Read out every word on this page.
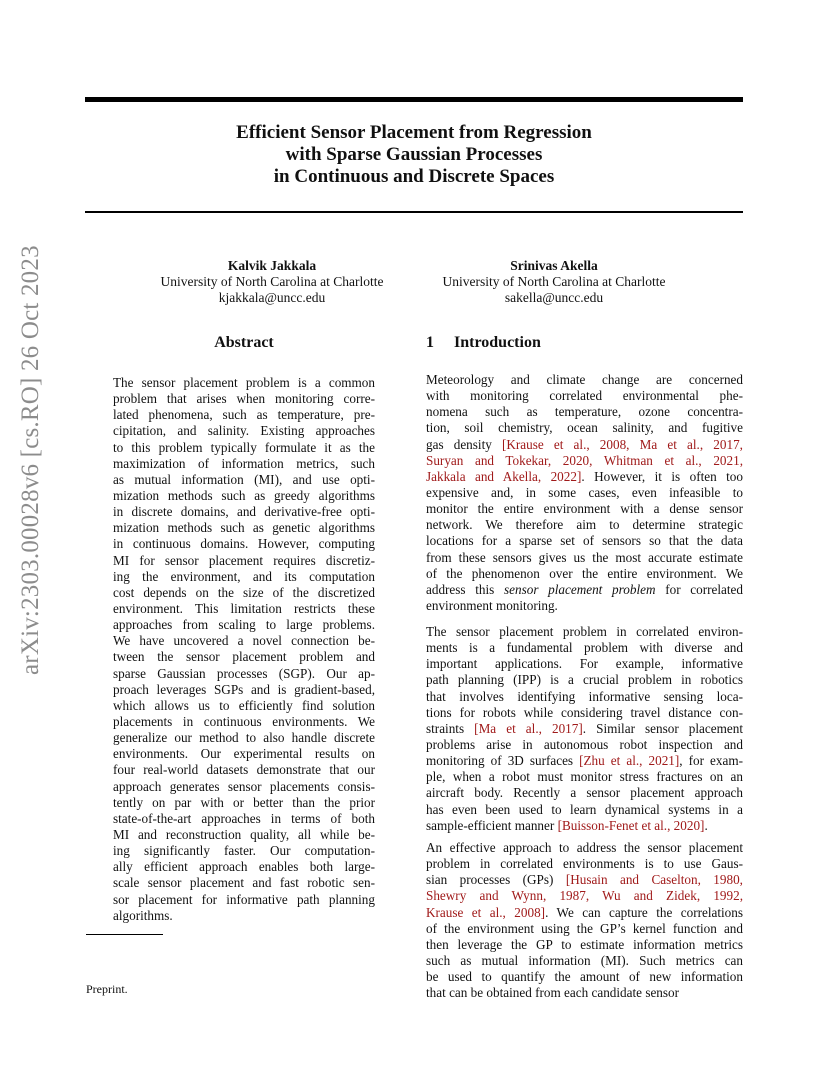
arXiv:2303.00028v6 [cs.RO] 26 Oct 2023
Efficient Sensor Placement from Regression
with Sparse Gaussian Processes
in Continuous and Discrete Spaces
Kalvik Jakkala
University of North Carolina at Charlotte
kjakkala@uncc.edu
Srinivas Akella
University of North Carolina at Charlotte
sakella@uncc.edu
Abstract
The sensor placement problem is a common
problem that arises when monitoring corre-
lated phenomena, such as temperature, pre-
cipitation, and salinity. Existing approaches
to this problem typically formulate it as the
maximization of information metrics, such
as mutual information (MI), and use opti-
mization methods such as greedy algorithms
in discrete domains, and derivative-free opti-
mization methods such as genetic algorithms
in continuous domains. However, computing
MI for sensor placement requires discretiz-
ing the environment, and its computation
cost depends on the size of the discretized
environment. This limitation restricts these
approaches from scaling to large problems.
We have uncovered a novel connection be-
tween the sensor placement problem and
sparse Gaussian processes (SGP). Our ap-
proach leverages SGPs and is gradient-based,
which allows us to efficiently find solution
placements in continuous environments. We
generalize our method to also handle discrete
environments. Our experimental results on
four real-world datasets demonstrate that our
approach generates sensor placements consis-
tently on par with or better than the prior
state-of-the-art approaches in terms of both
MI and reconstruction quality, all while be-
ing significantly faster. Our computation-
ally efficient approach enables both large-
scale sensor placement and fast robotic sen-
sor placement for informative path planning
algorithms.
Preprint.
1 Introduction
Meteorology and climate change are concerned
with monitoring correlated environmental phe-
nomena such as temperature, ozone concentra-
tion, soil chemistry, ocean salinity, and fugitive
gas density [Krause et al., 2008, Ma et al., 2017,
Suryan and Tokekar, 2020, Whitman et al., 2021,
Jakkala and Akella, 2022]. However, it is often too
expensive and, in some cases, even infeasible to
monitor the entire environment with a dense sensor
network. We therefore aim to determine strategic
locations for a sparse set of sensors so that the data
from these sensors gives us the most accurate estimate
of the phenomenon over the entire environment. We
address this sensor placement problem for correlated
environment monitoring.
The sensor placement problem in correlated environ-
ments is a fundamental problem with diverse and
important applications. For example, informative
path planning (IPP) is a crucial problem in robotics
that involves identifying informative sensing loca-
tions for robots while considering travel distance con-
straints [Ma et al., 2017]. Similar sensor placement
problems arise in autonomous robot inspection and
monitoring of 3D surfaces [Zhu et al., 2021], for exam-
ple, when a robot must monitor stress fractures on an
aircraft body. Recently a sensor placement approach
has even been used to learn dynamical systems in a
sample-efficient manner [Buisson-Fenet et al., 2020].
An effective approach to address the sensor placement
problem in correlated environments is to use Gaus-
sian processes (GPs) [Husain and Caselton, 1980,
Shewry and Wynn, 1987, Wu and Zidek, 1992,
Krause et al., 2008]. We can capture the correlations
of the environment using the GP’s kernel function and
then leverage the GP to estimate information metrics
such as mutual information (MI). Such metrics can
be used to quantify the amount of new information
that can be obtained from each candidate sensor
